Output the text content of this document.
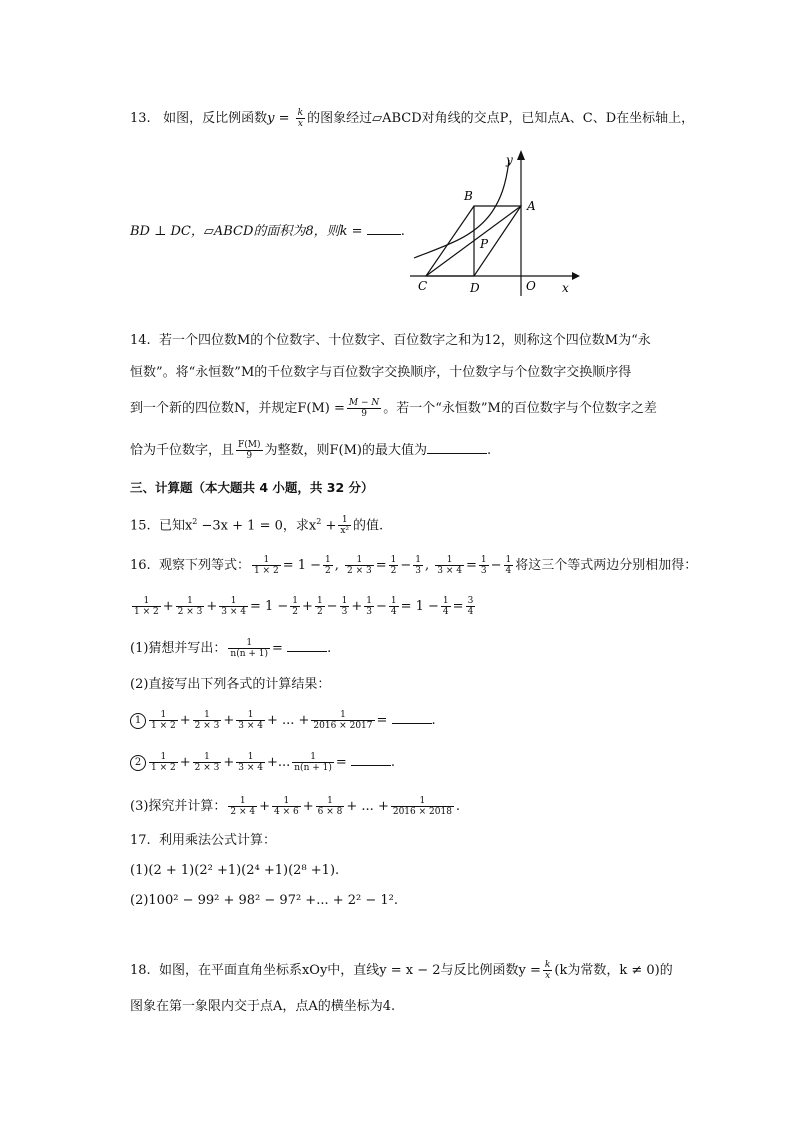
13. 如图，反比例函数$y = \frac{k}{x}$ 的图象经过▱ABCD对角线的交点P，已知点A、C、D在坐标轴上，
B
A
P
C	D	O x
y
BD ⊥ DC，▱ABCD的面积为8，则k =	.
14. 若一个四位数M的个位数字、十位数字、百位数字之和为12，则称这个四位数M为“永
恒数”。将“永恒数”M的千位数字与百位数字交换顺序，十位数字与个位数字交换顺序得
到一个新的四位数N，并规定$F(M) = \frac{M - N}{9}$ 。若一个“永恒数”M的百位数字与个位数字之差
恰为千位数字，且 $\frac{F(M)}{9}$ 为整数，则F(M)的最大值为	.
三、计算题（本大题共 4 小题，共 32 分）
15. 已知$x^2 -3x + 1 = 0$，求$x^2 + \frac{1}{\text{x²}}$ 的值.
16. 观察下列等式： $\frac{1}{1 \times 2} = 1 - \frac{1}{2}$ , $\frac{1}{2 \times 3} = \frac{1}{2} - \frac{1}{3}$ , $\frac{1}{3 \times 4} = \frac{1}{3} - \frac{1}{4}$ 将这三个等式两边分别相加得：
$\frac{1}{1 \times 2} + \frac{1}{2 \times 3} + \frac{1}{3 \times 4} = 1 - \frac{1}{2} + \frac{1}{2} - \frac{1}{3} + \frac{1}{3} - \frac{1}{4} = 1 - \frac{1}{4} = \frac{3}{4}$
(1)猜想并写出： $\frac{1}{n(n + 1)}$ =	.
(2)直接写出下列各式的计算结果：
$1 \frac{1}{1 \times 2} + \frac{1}{2 \times 3} + \frac{1}{3 \times 4}$ + ... + $\frac{1}{2016 \times 2017}$ =	.
$2 \frac{1}{1 \times 2} + \frac{1}{2 \times 3} + \frac{1}{3 \times 4}$ +... $\frac{1}{n(n + 1)}$ =	.
(3)探究并计算： $\frac{1}{2 \times 4} + \frac{1}{4 \times 6} + \frac{1}{6 \times 8}$ + ... + $\frac{1}{2016 \times 2018}$ .
17. 利用乘法公式计算：
(1)(2 + 1)(2² +1)(2⁴ +1)(2⁸ +1).
(2)100² − 99² + 98² − 97² +... + 2² − 1².
18. 如图，在平面直角坐标系xOy中，直线y = x − 2与反比例函数$y = \frac{k}{x} (k$为常数，k ≠ 0)的
图象在第一象限内交于点A，点A的横坐标为4.
